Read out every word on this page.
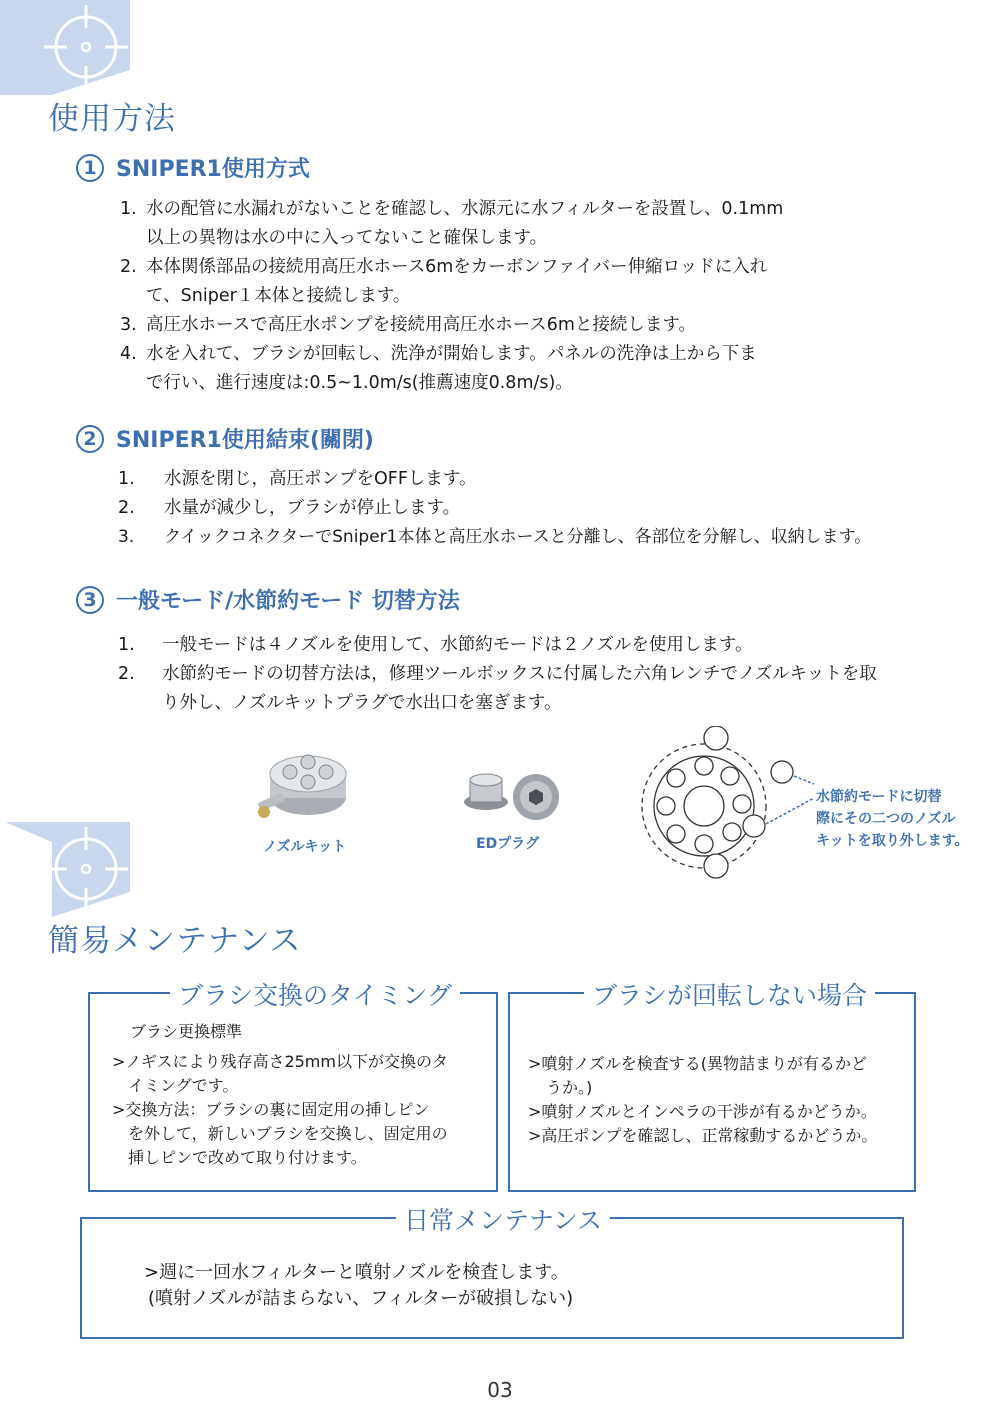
使用方法
1 SNIPER1使用方式
1. 水の配管に水漏れがないことを確認し、水源元に水フィルターを設置し、0.1mm
以上の異物は水の中に入ってないこと確保します。
2. 本体関係部品の接続用高圧水ホース6mをカーボンファイバー伸縮ロッドに入れ
て、Sniper１本体と接続します。
3. 高圧水ホースで高圧水ポンプを接続用高圧水ホース6mと接続します。
4. 水を入れて、ブラシが回転し、洗浄が開始します。パネルの洗浄は上から下ま
で行い、進行速度は:0.5~1.0m/s(推薦速度0.8m/s)。
2 SNIPER1使用結束(關閉)
1. 水源を閉じ，高圧ポンプをOFFします。
2. 水量が減少し，ブラシが停止します。
3. クイックコネクターでSniper1本体と高圧水ホースと分離し、各部位を分解し、収納します。
3 一般モード/水節約モード 切替方法
1. 一般モードは４ノズルを使用して、水節約モードは２ノズルを使用します。
2. 水節約モードの切替方法は，修理ツールボックスに付属した六角レンチでノズルキットを取
り外し、ノズルキットプラグで水出口を塞ぎます。
ノズルキット	EDプラグ
水節約モードに切替
際にその二つのノズル
キットを取り外します。
簡易メンテナンス
ブラシ交換のタイミング
ブラシ更換標準
>ノギスにより残存高さ25mm以下が交換のタ
イミングです。
>交換方法：ブラシの裏に固定用の挿しピン
を外して，新しいブラシを交換し、固定用の
挿しピンで改めて取り付けます。
ブラシが回転しない場合
>噴射ノズルを検査する(異物詰まりが有るかど
うか。)
>噴射ノズルとインペラの干渉が有るかどうか。
>高圧ポンプを確認し、正常稼動するかどうか。
日常メンテナンス
>週に一回水フィルターと噴射ノズルを検査します。
(噴射ノズルが詰まらない、フィルターが破損しない)
03
